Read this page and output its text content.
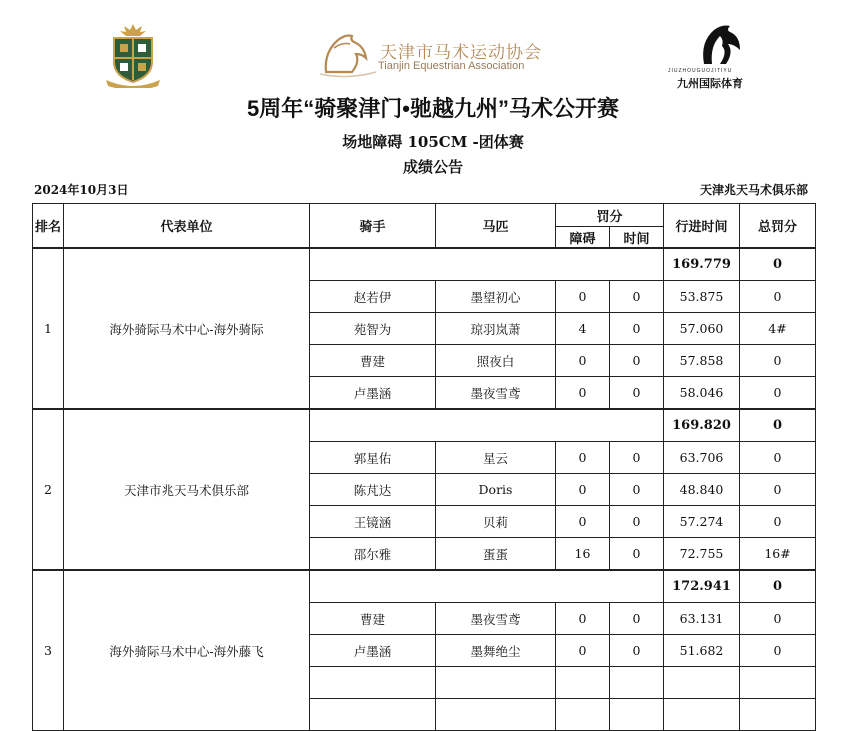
天津市马术运动协会
Tianjin Equestrian Association	JIUZHOUGUOJITIYU
九州国际体育
5周年“骑聚津门•驰越九州”马术公开赛
场地障碍 105CM -团体赛
成绩公告
2024年10月3日	天津兆天马术俱乐部
排名	代表单位	骑手	马匹	罚分		行进时间	总罚分
				障碍	时间		
1	海外骑际马术中心-海外骑际					169.779	0
		赵若伊	墨望初心	0	0	53.875	0
		苑智为	琼羽岚萧	4	0	57.060	4#
		曹建	照夜白	0	0	57.858	0
		卢墨涵	墨夜雪鸢	0	0	58.046	0
2	天津市兆天马术俱乐部					169.820	0
		郭星佑	星云	0	0	63.706	0
		陈芃达	Doris	0	0	48.840	0
		王镜涵	贝莉	0	0	57.274	0
		邵尔雅	蛋蛋	16	0	72.755	16#
3	海外骑际马术中心-海外藤飞					172.941	0
		曹建	墨夜雪鸢	0	0	63.131	0
		卢墨涵	墨舞绝尘	0	0	51.682	0
